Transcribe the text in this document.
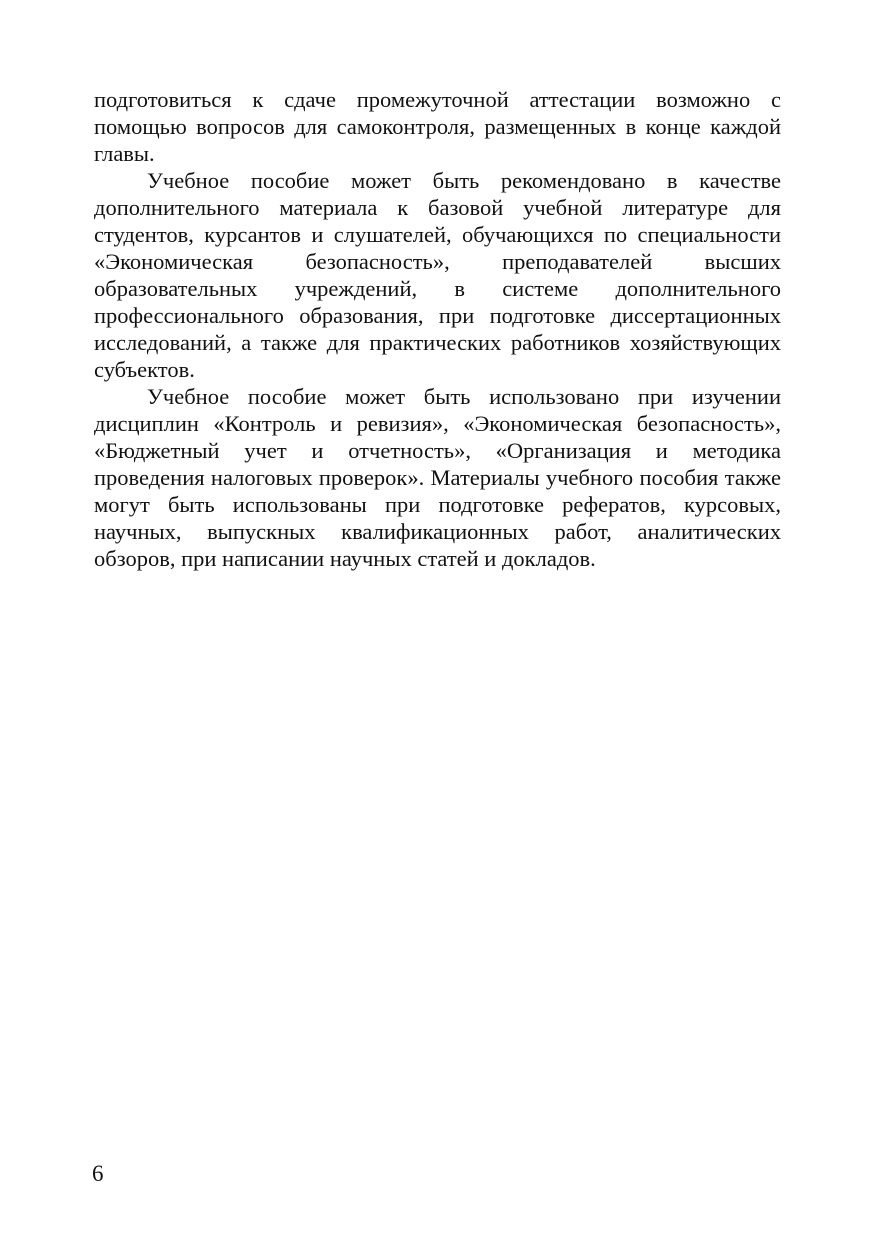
подготовиться к сдаче промежуточной аттестации возможно с помощью вопросов для самоконтроля, размещенных в конце каждой главы.

Учебное пособие может быть рекомендовано в качестве дополнительного материала к базовой учебной литературе для студентов, курсантов и слушателей, обучающихся по специальности «Экономическая безопасность», преподавателей высших образовательных учреждений, в системе дополнительного профессионального образования, при подготовке диссертационных исследований, а также для практических работников хозяйствующих субъектов.

Учебное пособие может быть использовано при изучении дисциплин «Контроль и ревизия», «Экономическая безопасность», «Бюджетный учет и отчетность», «Организация и методика проведения налоговых проверок». Материалы учебного пособия также могут быть использованы при подготовке рефератов, курсовых, научных, выпускных квалификационных работ, аналитических обзоров, при написании научных статей и докладов.

6
